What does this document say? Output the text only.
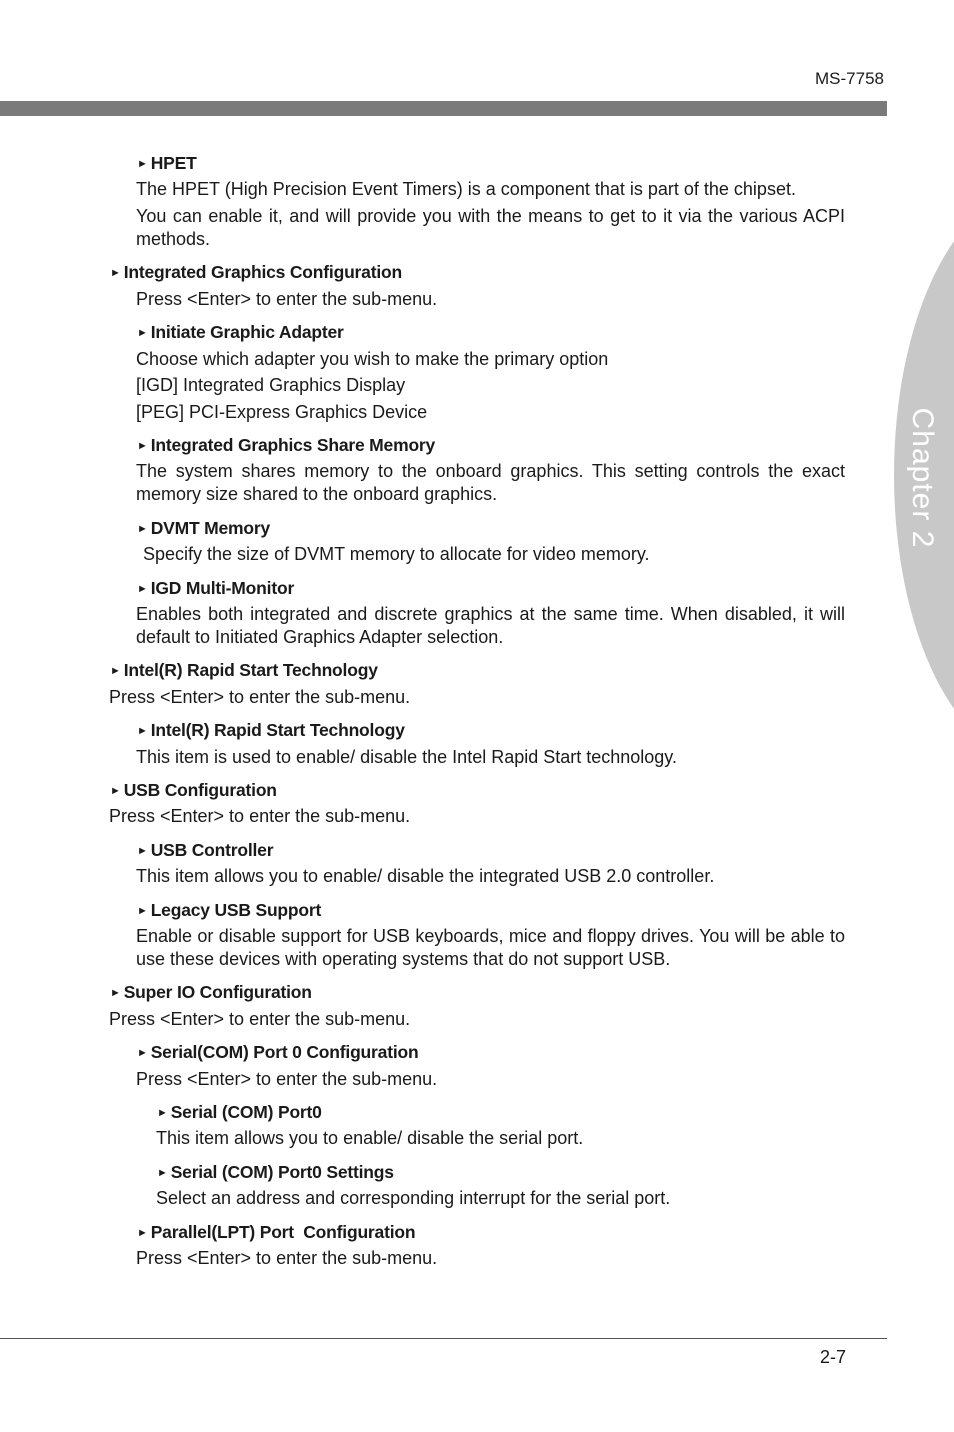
MS-7758
Chapter 2
► HPET
The HPET (High Precision Event Timers) is a component that is part of the chipset.
You can enable it, and will provide you with the means to get to it via the various ACPI methods.
► Integrated Graphics Configuration
Press <Enter> to enter the sub-menu.
► Initiate Graphic Adapter
Choose which adapter you wish to make the primary option
[IGD] Integrated Graphics Display
[PEG] PCI-Express Graphics Device
► Integrated Graphics Share Memory
The system shares memory to the onboard graphics. This setting controls the exact memory size shared to the onboard graphics.
► DVMT Memory
Specify the size of DVMT memory to allocate for video memory.
► IGD Multi-Monitor
Enables both integrated and discrete graphics at the same time. When disabled, it will default to Initiated Graphics Adapter selection.
► Intel(R) Rapid Start Technology
Press <Enter> to enter the sub-menu.
► Intel(R) Rapid Start Technology
This item is used to enable/ disable the Intel Rapid Start technology.
► USB Configuration
Press <Enter> to enter the sub-menu.
► USB Controller
This item allows you to enable/ disable the integrated USB 2.0 controller.
► Legacy USB Support
Enable or disable support for USB keyboards, mice and floppy drives. You will be able to use these devices with operating systems that do not support USB.
► Super IO Configuration
Press <Enter> to enter the sub-menu.
► Serial(COM) Port 0 Configuration
Press <Enter> to enter the sub-menu.
► Serial (COM) Port0
This item allows you to enable/ disable the serial port.
► Serial (COM) Port0 Settings
Select an address and corresponding interrupt for the serial port.
► Parallel(LPT) Port  Configuration
Press <Enter> to enter the sub-menu.
2-7
